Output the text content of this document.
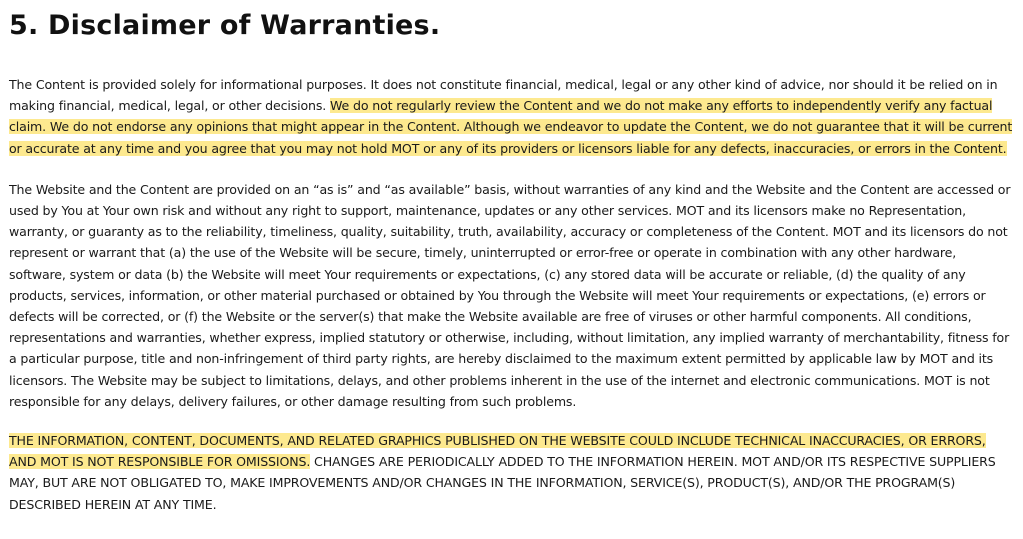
5. Disclaimer of Warranties.

The Content is provided solely for informational purposes. It does not constitute financial, medical, legal or any other kind of advice, nor should it be relied on in making financial, medical, legal, or other decisions. We do not regularly review the Content and we do not make any efforts to independently verify any factual claim. We do not endorse any opinions that might appear in the Content. Although we endeavor to update the Content, we do not guarantee that it will be current or accurate at any time and you agree that you may not hold MOT or any of its providers or licensors liable for any defects, inaccuracies, or errors in the Content.

The Website and the Content are provided on an “as is” and “as available” basis, without warranties of any kind and the Website and the Content are accessed or used by You at Your own risk and without any right to support, maintenance, updates or any other services. MOT and its licensors make no Representation, warranty, or guaranty as to the reliability, timeliness, quality, suitability, truth, availability, accuracy or completeness of the Content. MOT and its licensors do not represent or warrant that (a) the use of the Website will be secure, timely, uninterrupted or error-free or operate in combination with any other hardware, software, system or data (b) the Website will meet Your requirements or expectations, (c) any stored data will be accurate or reliable, (d) the quality of any products, services, information, or other material purchased or obtained by You through the Website will meet Your requirements or expectations, (e) errors or defects will be corrected, or (f) the Website or the server(s) that make the Website available are free of viruses or other harmful components. All conditions, representations and warranties, whether express, implied statutory or otherwise, including, without limitation, any implied warranty of merchantability, fitness for a particular purpose, title and non-infringement of third party rights, are hereby disclaimed to the maximum extent permitted by applicable law by MOT and its licensors. The Website may be subject to limitations, delays, and other problems inherent in the use of the internet and electronic communications. MOT is not responsible for any delays, delivery failures, or other damage resulting from such problems.

THE INFORMATION, CONTENT, DOCUMENTS, AND RELATED GRAPHICS PUBLISHED ON THE WEBSITE COULD INCLUDE TECHNICAL INACCURACIES, OR ERRORS, AND MOT IS NOT RESPONSIBLE FOR OMISSIONS. CHANGES ARE PERIODICALLY ADDED TO THE INFORMATION HEREIN. MOT AND/OR ITS RESPECTIVE SUPPLIERS MAY, BUT ARE NOT OBLIGATED TO, MAKE IMPROVEMENTS AND/OR CHANGES IN THE INFORMATION, SERVICE(S), PRODUCT(S), AND/OR THE PROGRAM(S) DESCRIBED HEREIN AT ANY TIME.
